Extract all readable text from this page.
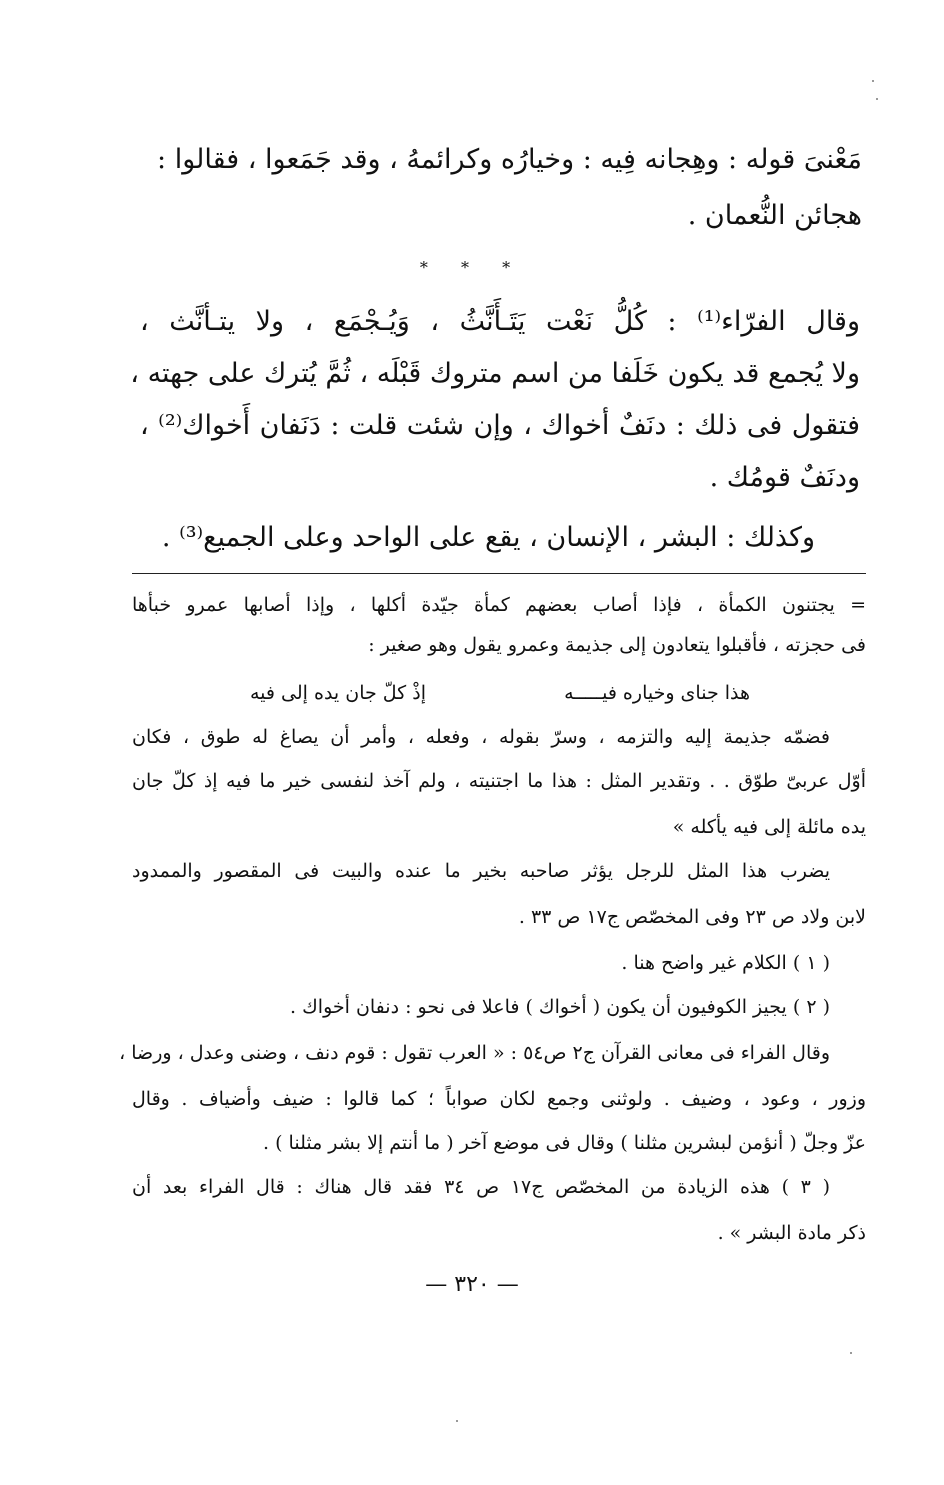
مَعْنىَ قوله : وهِجانه فِيه : وخيارُه وكرائمهُ ، وقد جَمَعوا ، فقالوا :
هجائن النُّعمان .
* * *
وقال الفرّاء⁽¹⁾ : كُلُّ نَعْت يَتَـأَنَّثُ ، وَيُـجْمَع ، ولا يتـأنَّث ،
ولا يُجمع قد يكون خَلَفا من اسم متروك قَبْلَه ، ثُمَّ يُترك على جهته ،
فتقول فى ذلك : دنَفٌ أخواك ، وإن شئت قلت : دَنَفان أَخواك⁽²⁾ ،
ودنَفٌ قومُك .
وكذلك : البشر ، الإنسان ، يقع على الواحد وعلى الجميع⁽³⁾ .
= يجتنون الكمأة ، فإذا أصاب بعضهم كمأة جيّدة أكلها ، وإذا أصابها عمرو خبأها
فى حجزته ، فأقبلوا يتعادون إلى جذيمة وعمرو يقول وهو صغير :
هذا جناى وخياره فيـــــه
إذْ كلّ جان يده إلى فيه
فضمّه جذيمة إليه والتزمه ، وسرّ بقوله ، وفعله ، وأمر أن يصاغ له طوق ، فكان
أوّل عربىّ طوّق . . وتقدير المثل : هذا ما اجتنيته ، ولم آخذ لنفسى خير ما فيه إذ كلّ جان
يده مائلة إلى فيه يأكله »
يضرب هذا المثل للرجل يؤثر صاحبه بخير ما عنده والبيت فى المقصور والممدود
لابن ولاد ص ٢٣ وفى المخصّص ج١٧ ص ٣٣ .
( ١ ) الكلام غير واضح هنا .
( ٢ ) يجيز الكوفيون أن يكون ( أخواك ) فاعلا فى نحو : دنفان أخواك .
وقال الفراء فى معانى القرآن ج٢ ص٥٤ : « العرب تقول : قوم دنف ، وضنى وعدل ، ورضا ،
وزور ، وعود ، وضيف . ولوثنى وجمع لكان صواباً ؛ كما قالوا : ضيف وأضياف . وقال
عزّ وجلّ ( أنؤمن لبشرين مثلنا ) وقال فى موضع آخر ( ما أنتم إلا بشر مثلنا ) .
( ٣ ) هذه الزيادة من المخصّص ج١٧ ص ٣٤ فقد قال هناك : قال الفراء بعد أن
ذكر مادة البشر » .
— ٣٢٠ —
